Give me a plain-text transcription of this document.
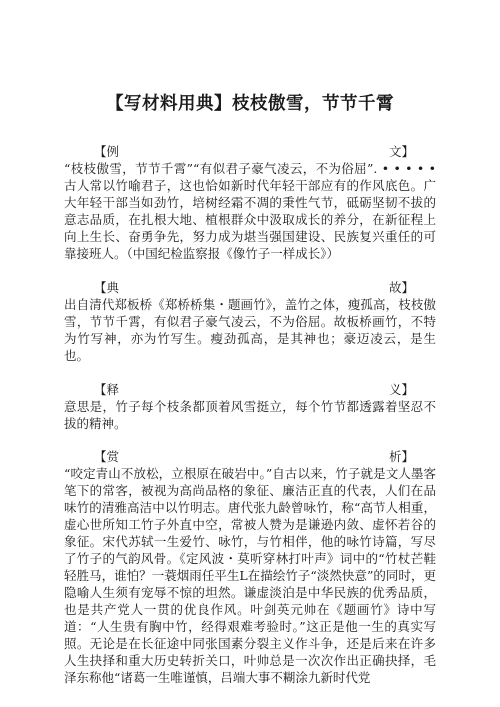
【写材料用典】枝枝傲雪，节节千霄
【例	文】

“枝枝傲雪，节节千霄”“有似君子豪气凌云，不为俗屈”. • • • • • 古人常以竹喻君子，这也恰如新时代年轻干部应有的作风底色。广大年轻干部当如劲竹，培树经霜不凋的秉性气节，砥砺坚韧不拔的意志品质，在扎根大地、植根群众中汲取成长的养分，在新征程上向上生长、奋勇争先，努力成为堪当强国建设、民族复兴重任的可靠接班人。（中国纪检监察报《像竹子一样成长》）

【典	故】

出自清代郑板桥《郑桥桥集・题画竹》，盖竹之体，瘦孤高，枝枝傲雪，节节千霄，有似君子豪气凌云，不为俗屈。故板桥画竹，不特为竹写神，亦为竹写生。瘦劲孤高，是其神也；豪迈凌云，是生也。

【释	义】

意思是，竹子每个枝条都顶着风雪挺立，每个竹节都透露着坚忍不拔的精神。

【赏	析】

“咬定青山不放松，立根原在破岩中。”自古以来，竹子就是文人墨客笔下的常客，被视为高尚品格的象征、廉洁正直的代表，人们在品味竹的清雅高洁中以竹明志。唐代张九龄曾咏竹，称“高节人相重，虚心世所知工竹子外直中空，常被人赞为是谦逊内敛、虚怀若谷的象征。宋代苏轼一生爱竹、咏竹，与竹相伴，他的咏竹诗篇，写尽了竹子的气韵风骨。《定风波・莫听穿林打叶声》词中的“竹杖芒鞋轻胜马，谁怕？一蓑烟雨任平生L在描绘竹子“淡然快意”的同时，更隐喻人生须有宠辱不惊的坦然。谦虚淡泊是中华民族的优秀品质，也是共产党人一贯的优良作风。叶剑英元帅在《题画竹》诗中写道：“人生贵有胸中竹，经得艰难考验时。”这正是他一生的真实写照。无论是在长征途中同张国素分裂主义作斗争，还是后来在许多人生抉择和重大历史转折关口，叶帅总是一次次作出正确抉择，毛泽东称他“诸葛一生唯谨慎，吕端大事不糊涂九新时代党
